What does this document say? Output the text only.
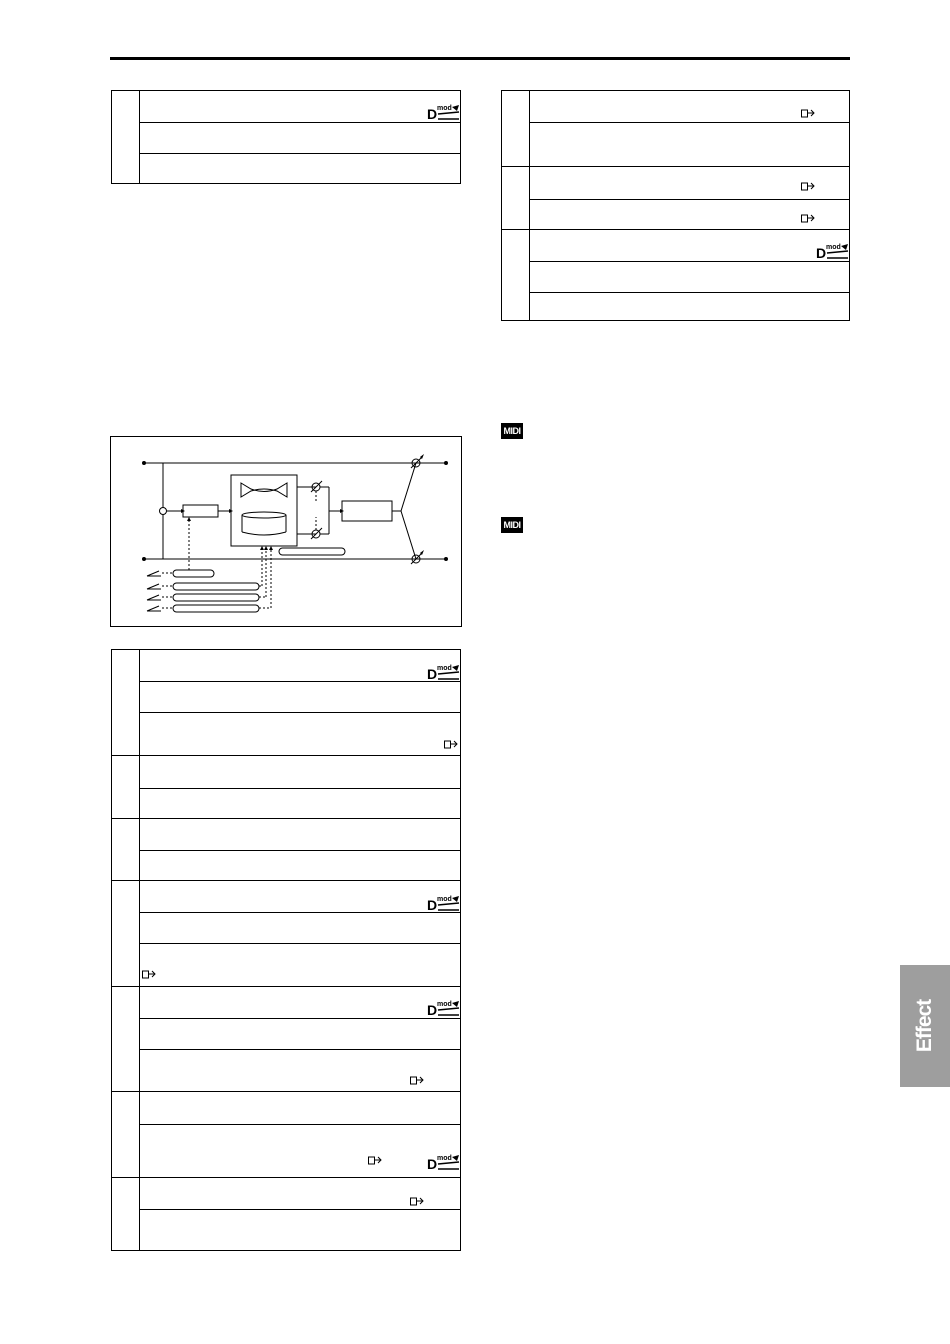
D mod
D mod
MIDI
MIDI
D mod
D mod
D mod
D mod
Effect
